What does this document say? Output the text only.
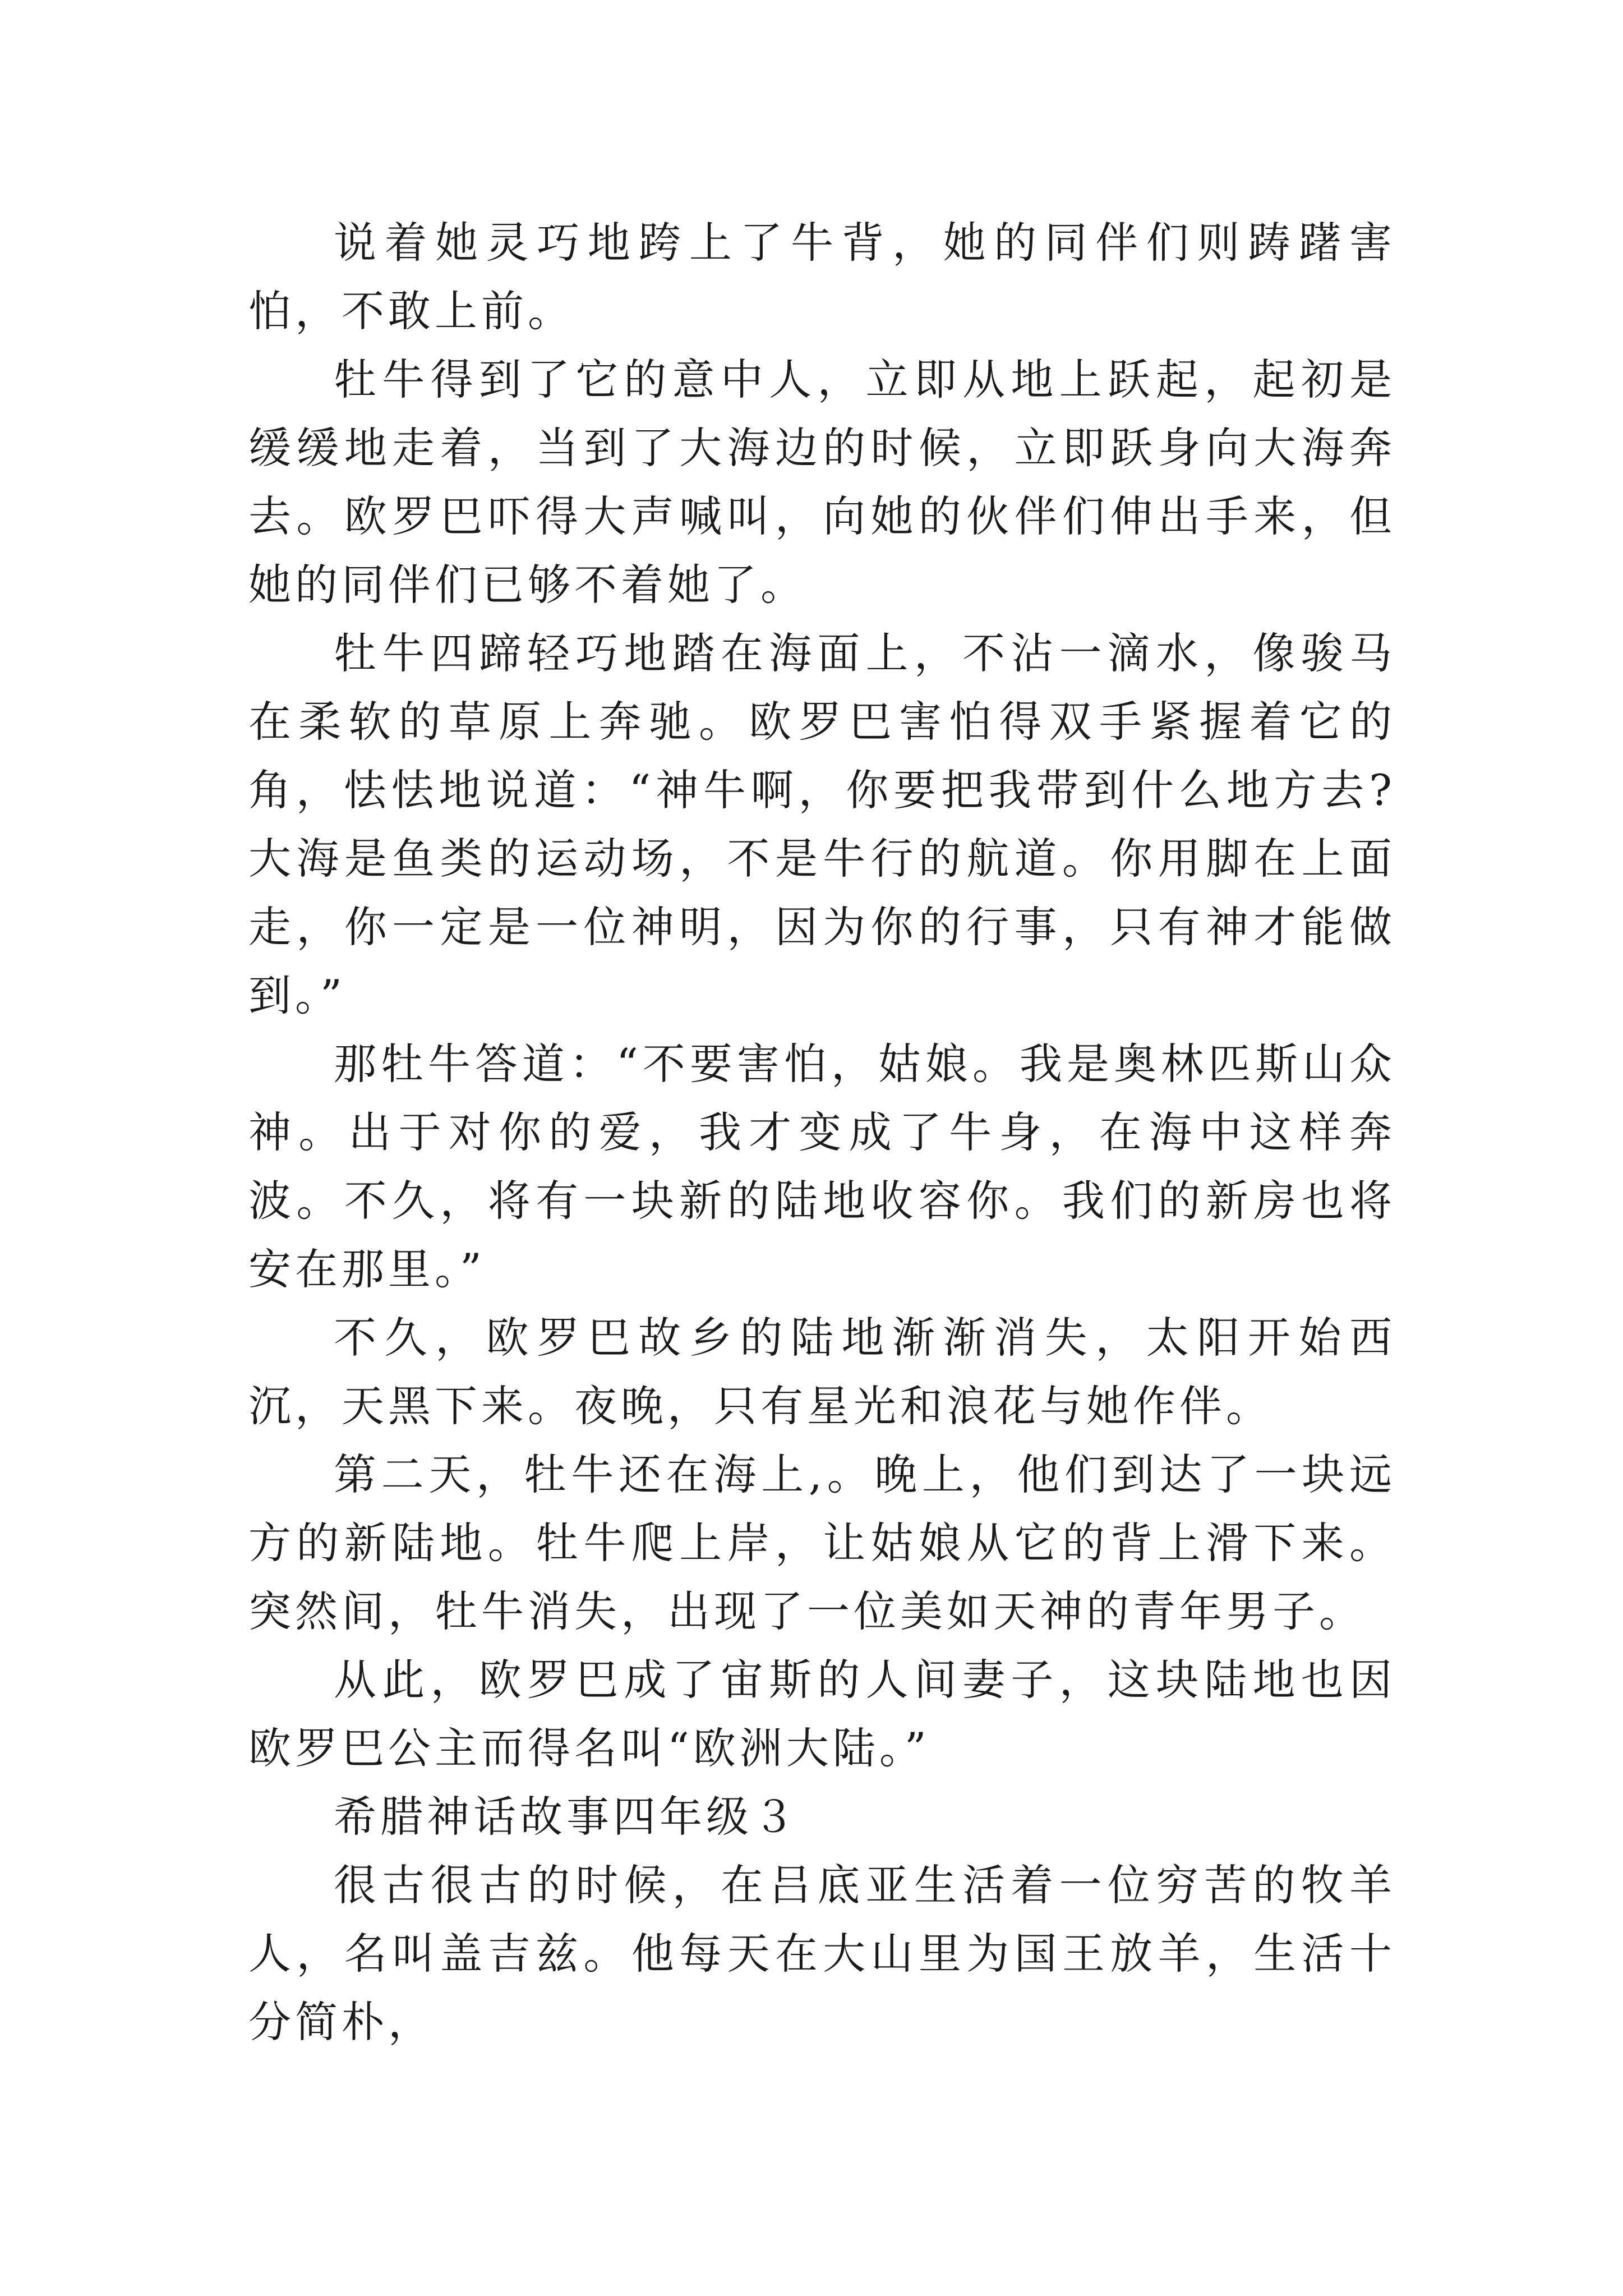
说着她灵巧地跨上了牛背，她的同伴们则踌躇害怕，不敢上前。

牡牛得到了它的意中人，立即从地上跃起，起初是缓缓地走着，当到了大海边的时候，立即跃身向大海奔去。欧罗巴吓得大声喊叫，向她的伙伴们伸出手来，但她的同伴们已够不着她了。

牡牛四蹄轻巧地踏在海面上，不沾一滴水，像骏马在柔软的草原上奔驰。欧罗巴害怕得双手紧握着它的角，怯怯地说道：“神牛啊，你要把我带到什么地方去?大海是鱼类的运动场，不是牛行的航道。你用脚在上面走，你一定是一位神明，因为你的行事，只有神才能做到。”

那牡牛答道：“不要害怕，姑娘。我是奥林匹斯山众神。出于对你的爱，我才变成了牛身，在海中这样奔波。不久，将有一块新的陆地收容你。我们的新房也将安在那里。”

不久，欧罗巴故乡的陆地渐渐消失，太阳开始西沉，天黑下来。夜晚，只有星光和浪花与她作伴。

第二天，牡牛还在海上,。晚上，他们到达了一块远方的新陆地。牡牛爬上岸，让姑娘从它的背上滑下来。突然间，牡牛消失，出现了一位美如天神的青年男子。

从此，欧罗巴成了宙斯的人间妻子，这块陆地也因欧罗巴公主而得名叫“欧洲大陆。”

希腊神话故事四年级３

很古很古的时候，在吕底亚生活着一位穷苦的牧羊人，名叫盖吉兹。他每天在大山里为国王放羊，生活十分简朴，
